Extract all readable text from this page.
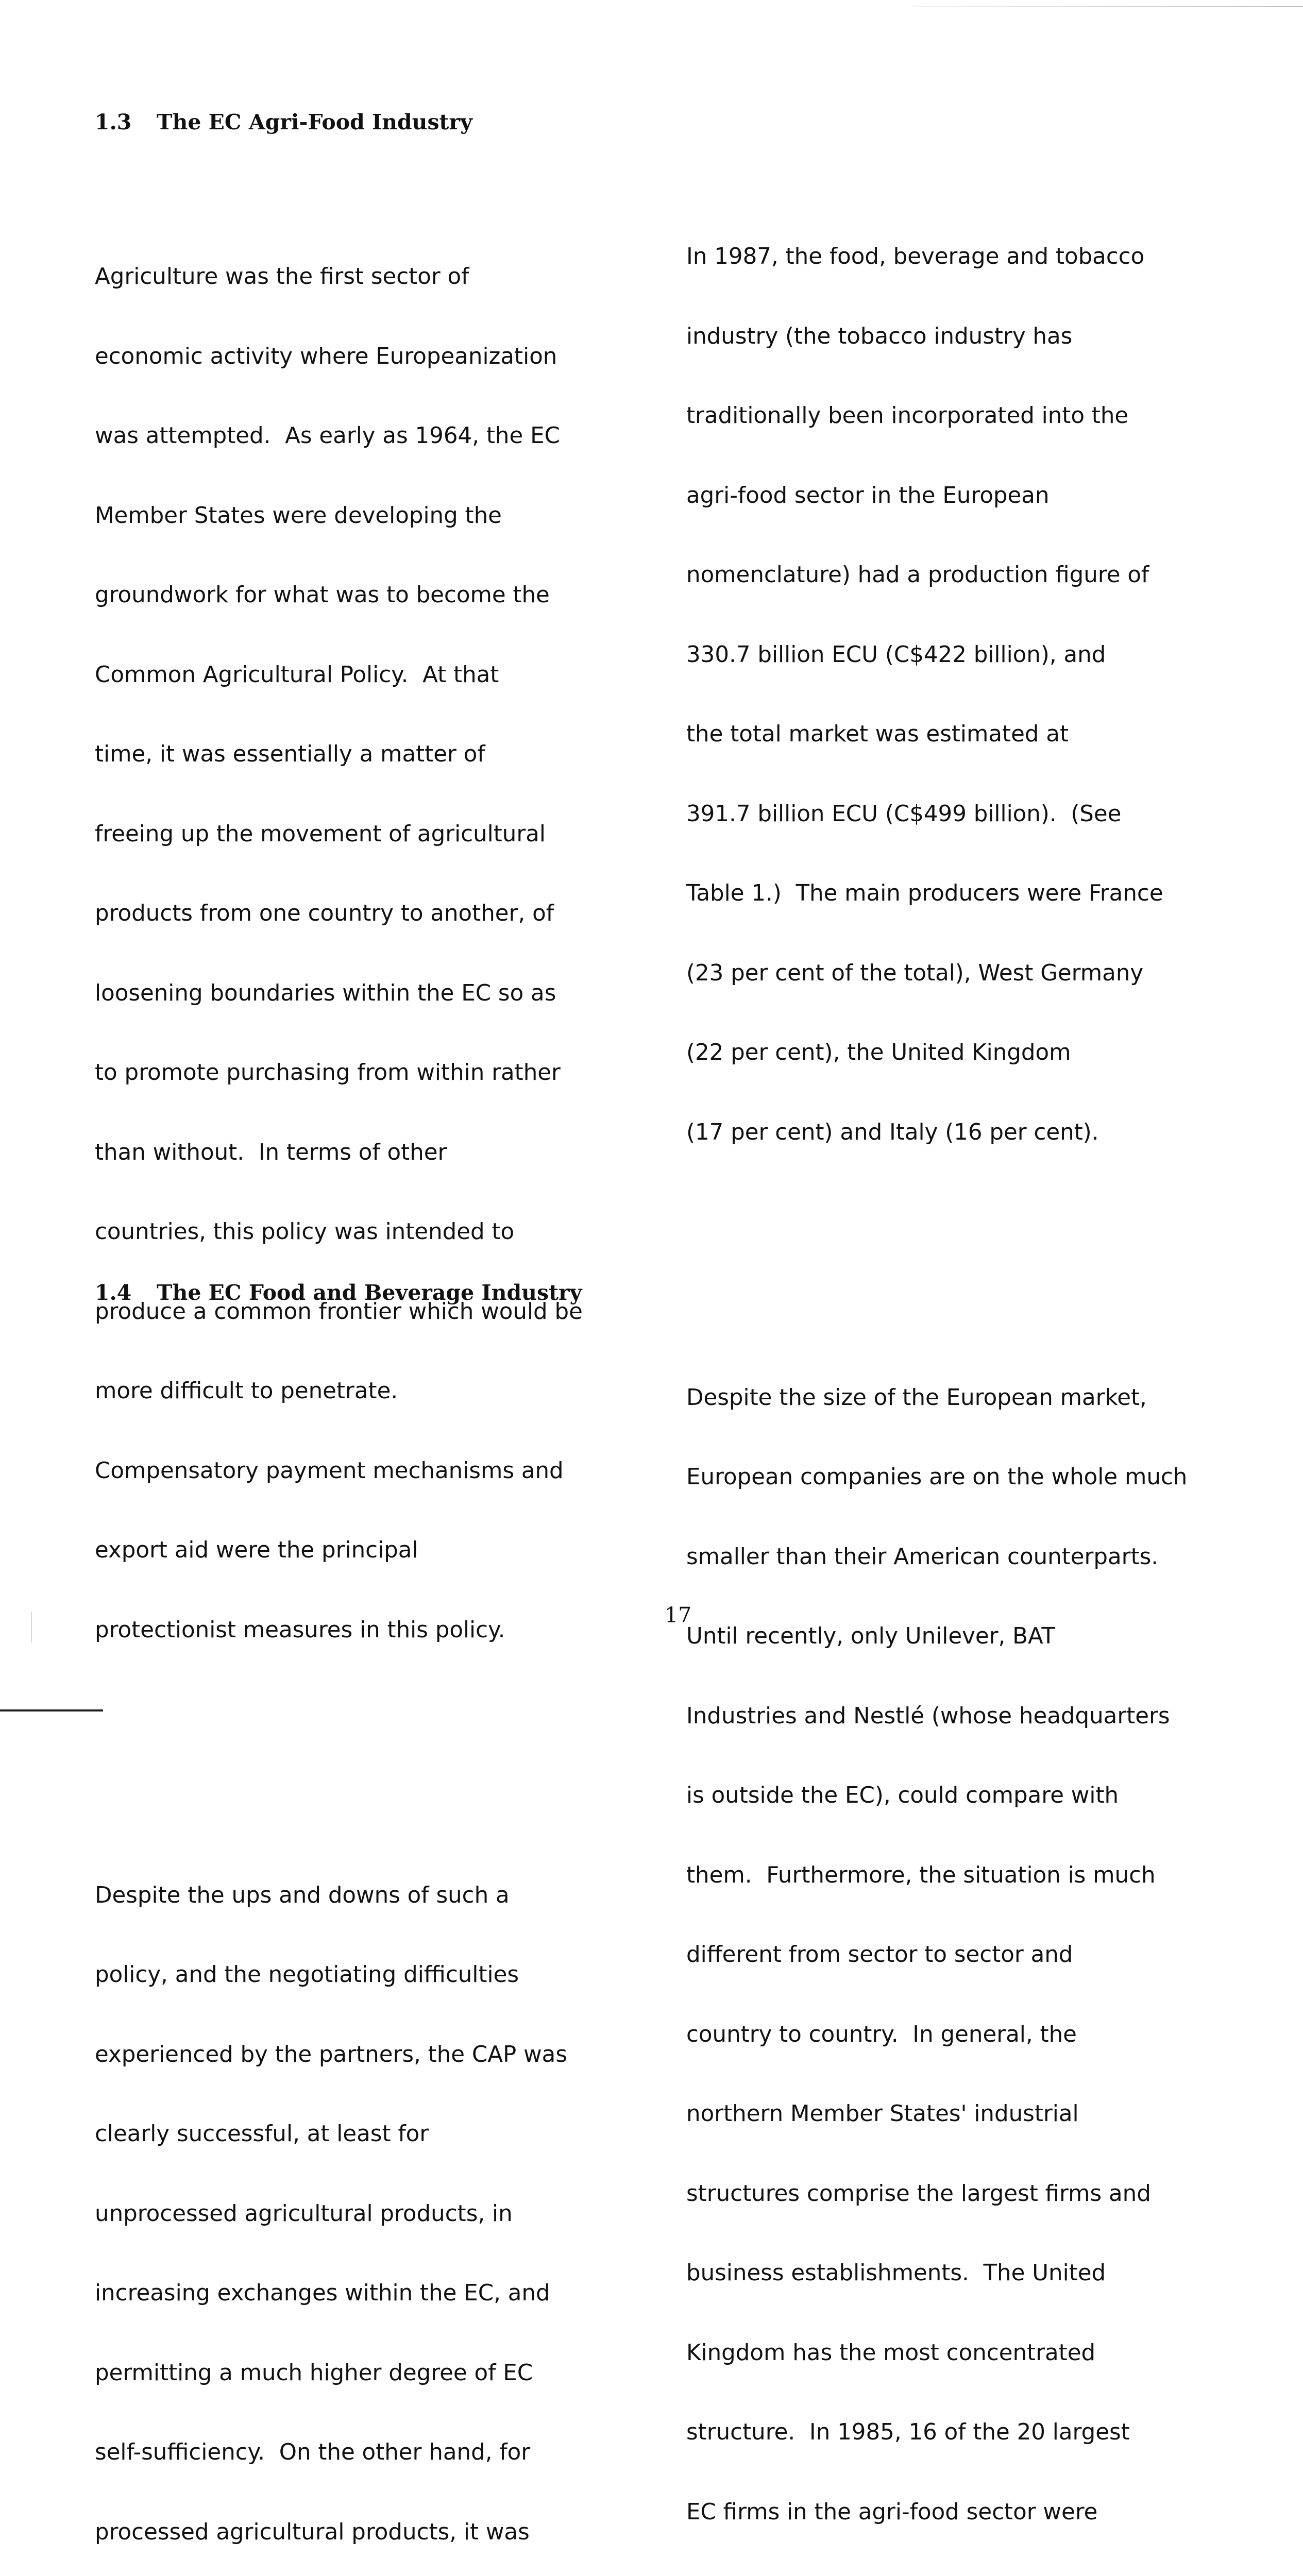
1.3 The EC Agri-Food Industry

Agriculture was the first sector of

economic activity where Europeanization

was attempted.  As early as 1964, the EC

Member States were developing the

groundwork for what was to become the

Common Agricultural Policy.  At that

time, it was essentially a matter of

freeing up the movement of agricultural

products from one country to another, of

loosening boundaries within the EC so as

to promote purchasing from within rather

than without.  In terms of other

countries, this policy was intended to

produce a common frontier which would be

more difficult to penetrate.

Compensatory payment mechanisms and

export aid were the principal

protectionist measures in this policy.

Despite the ups and downs of such a

policy, and the negotiating difficulties

experienced by the partners, the CAP was

clearly successful, at least for

unprocessed agricultural products, in

increasing exchanges within the EC, and

permitting a much higher degree of EC

self-sufficiency.  On the other hand, for

processed agricultural products, it was

1.4 The EC Food and Beverage Industry

In 1987, the food, beverage and tobacco

industry (the tobacco industry has

traditionally been incorporated into the

agri-food sector in the European

nomenclature) had a production figure of

330.7 billion ECU (C$422 billion), and

the total market was estimated at

391.7 billion ECU (C$499 billion).  (See

Table 1.)  The main producers were France

(23 per cent of the total), West Germany

(22 per cent), the United Kingdom

(17 per cent) and Italy (16 per cent).

Despite the size of the European market,

European companies are on the whole much

smaller than their American counterparts.

Until recently, only Unilever, BAT

Industries and Nestlé (whose headquarters

is outside the EC), could compare with

them.  Furthermore, the situation is much

different from sector to sector and

country to country.  In general, the

northern Member States' industrial

structures comprise the largest firms and

business establishments.  The United

Kingdom has the most concentrated

structure.  In 1985, 16 of the 20 largest

EC firms in the agri-food sector were

17
